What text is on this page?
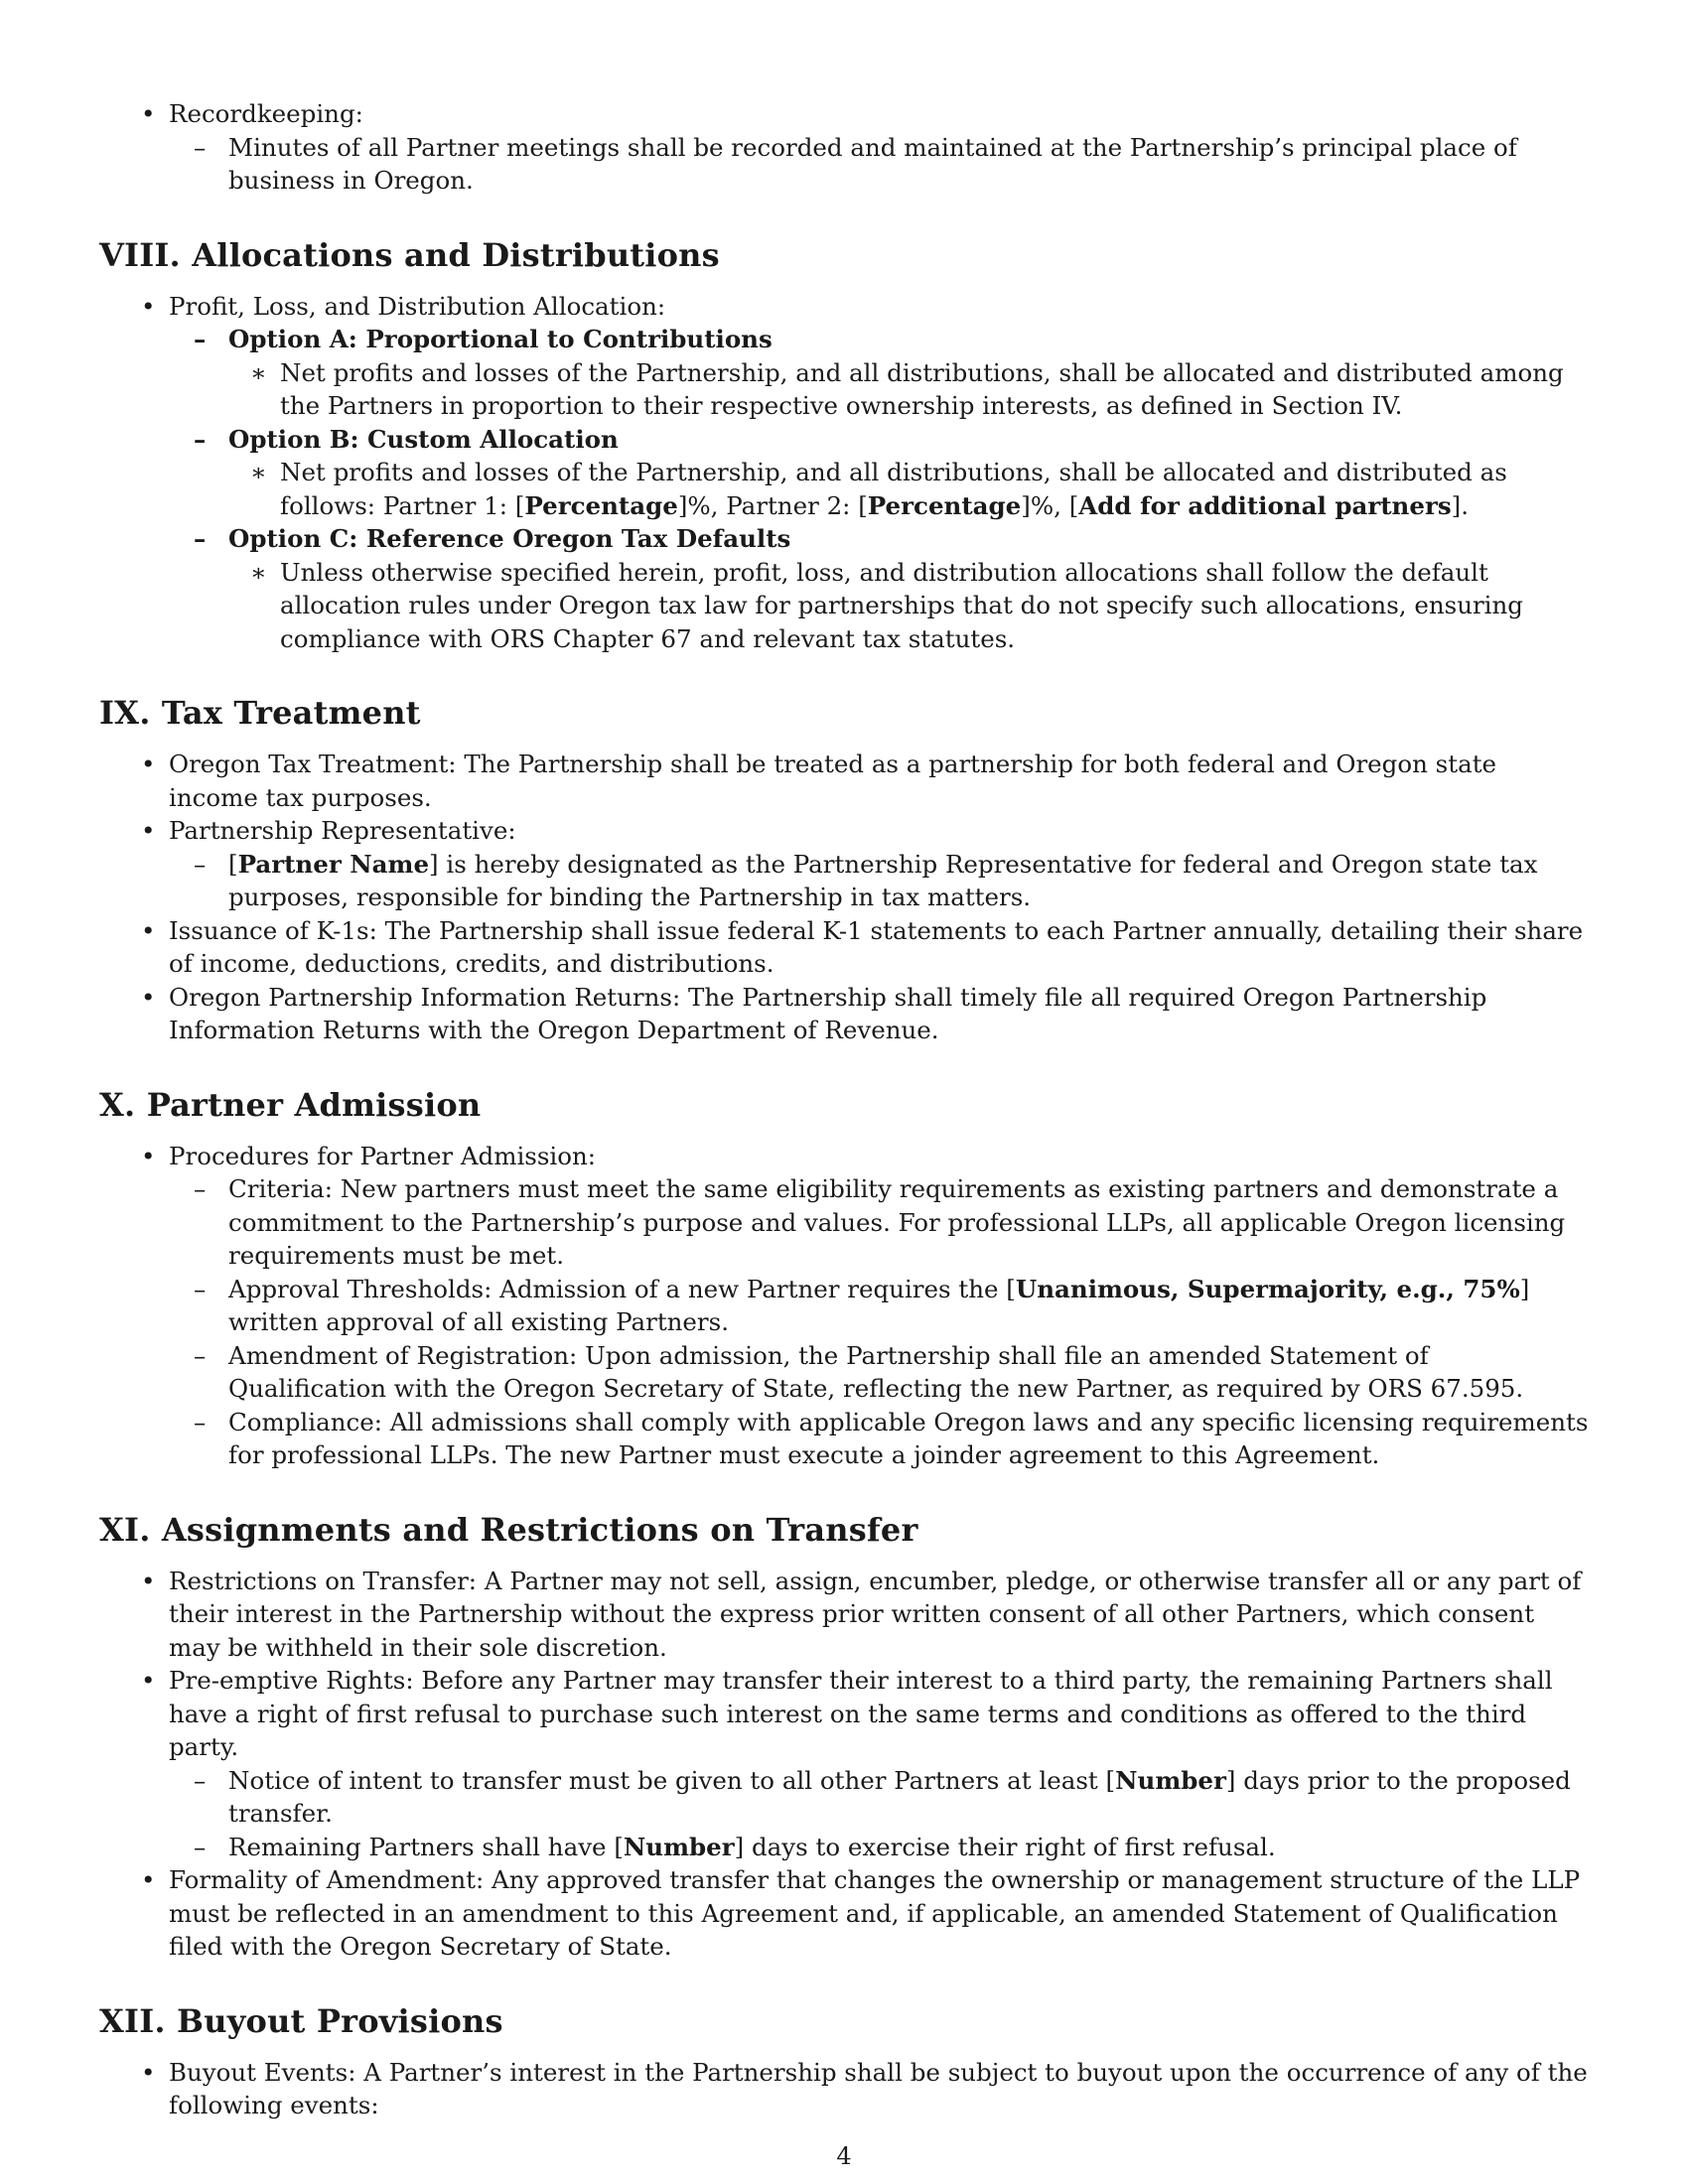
• Recordkeeping:

– Minutes of all Partner meetings shall be recorded and maintained at the Partnership’s principal place of business in Oregon.

VIII. Allocations and Distributions
• Profit, Loss, and Distribution Allocation:

– Option A: Proportional to Contributions

∗ Net profits and losses of the Partnership, and all distributions, shall be allocated and distributed among the Partners in proportion to their respective ownership interests, as defined in Section IV.

– Option B: Custom Allocation

∗ Net profits and losses of the Partnership, and all distributions, shall be allocated and distributed as follows: Partner 1: [Percentage]%, Partner 2: [Percentage]%, [Add for additional partners].

– Option C: Reference Oregon Tax Defaults

∗ Unless otherwise specified herein, profit, loss, and distribution allocations shall follow the default allocation rules under Oregon tax law for partnerships that do not specify such allocations, ensuring compliance with ORS Chapter 67 and relevant tax statutes.

IX. Tax Treatment
• Oregon Tax Treatment: The Partnership shall be treated as a partnership for both federal and Oregon state income tax purposes.

• Partnership Representative:

– [Partner Name] is hereby designated as the Partnership Representative for federal and Oregon state tax purposes, responsible for binding the Partnership in tax matters.

• Issuance of K-1s: The Partnership shall issue federal K-1 statements to each Partner annually, detailing their share of income, deductions, credits, and distributions.

• Oregon Partnership Information Returns: The Partnership shall timely file all required Oregon Partnership Information Returns with the Oregon Department of Revenue.

X. Partner Admission
• Procedures for Partner Admission:

– Criteria: New partners must meet the same eligibility requirements as existing partners and demonstrate a commitment to the Partnership’s purpose and values. For professional LLPs, all applicable Oregon licensing requirements must be met.

– Approval Thresholds: Admission of a new Partner requires the [Unanimous, Supermajority, e.g., 75%] written approval of all existing Partners.

– Amendment of Registration: Upon admission, the Partnership shall file an amended Statement of Qualification with the Oregon Secretary of State, reflecting the new Partner, as required by ORS 67.595.

– Compliance: All admissions shall comply with applicable Oregon laws and any specific licensing requirements for professional LLPs. The new Partner must execute a joinder agreement to this Agreement.

XI. Assignments and Restrictions on Transfer
• Restrictions on Transfer: A Partner may not sell, assign, encumber, pledge, or otherwise transfer all or any part of their interest in the Partnership without the express prior written consent of all other Partners, which consent may be withheld in their sole discretion.

• Pre-emptive Rights: Before any Partner may transfer their interest to a third party, the remaining Partners shall have a right of first refusal to purchase such interest on the same terms and conditions as offered to the third party.

– Notice of intent to transfer must be given to all other Partners at least [Number] days prior to the proposed transfer.

– Remaining Partners shall have [Number] days to exercise their right of first refusal.

• Formality of Amendment: Any approved transfer that changes the ownership or management structure of the LLP must be reflected in an amendment to this Agreement and, if applicable, an amended Statement of Qualification filed with the Oregon Secretary of State.

XII. Buyout Provisions
• Buyout Events: A Partner’s interest in the Partnership shall be subject to buyout upon the occurrence of any of the following events:

4
